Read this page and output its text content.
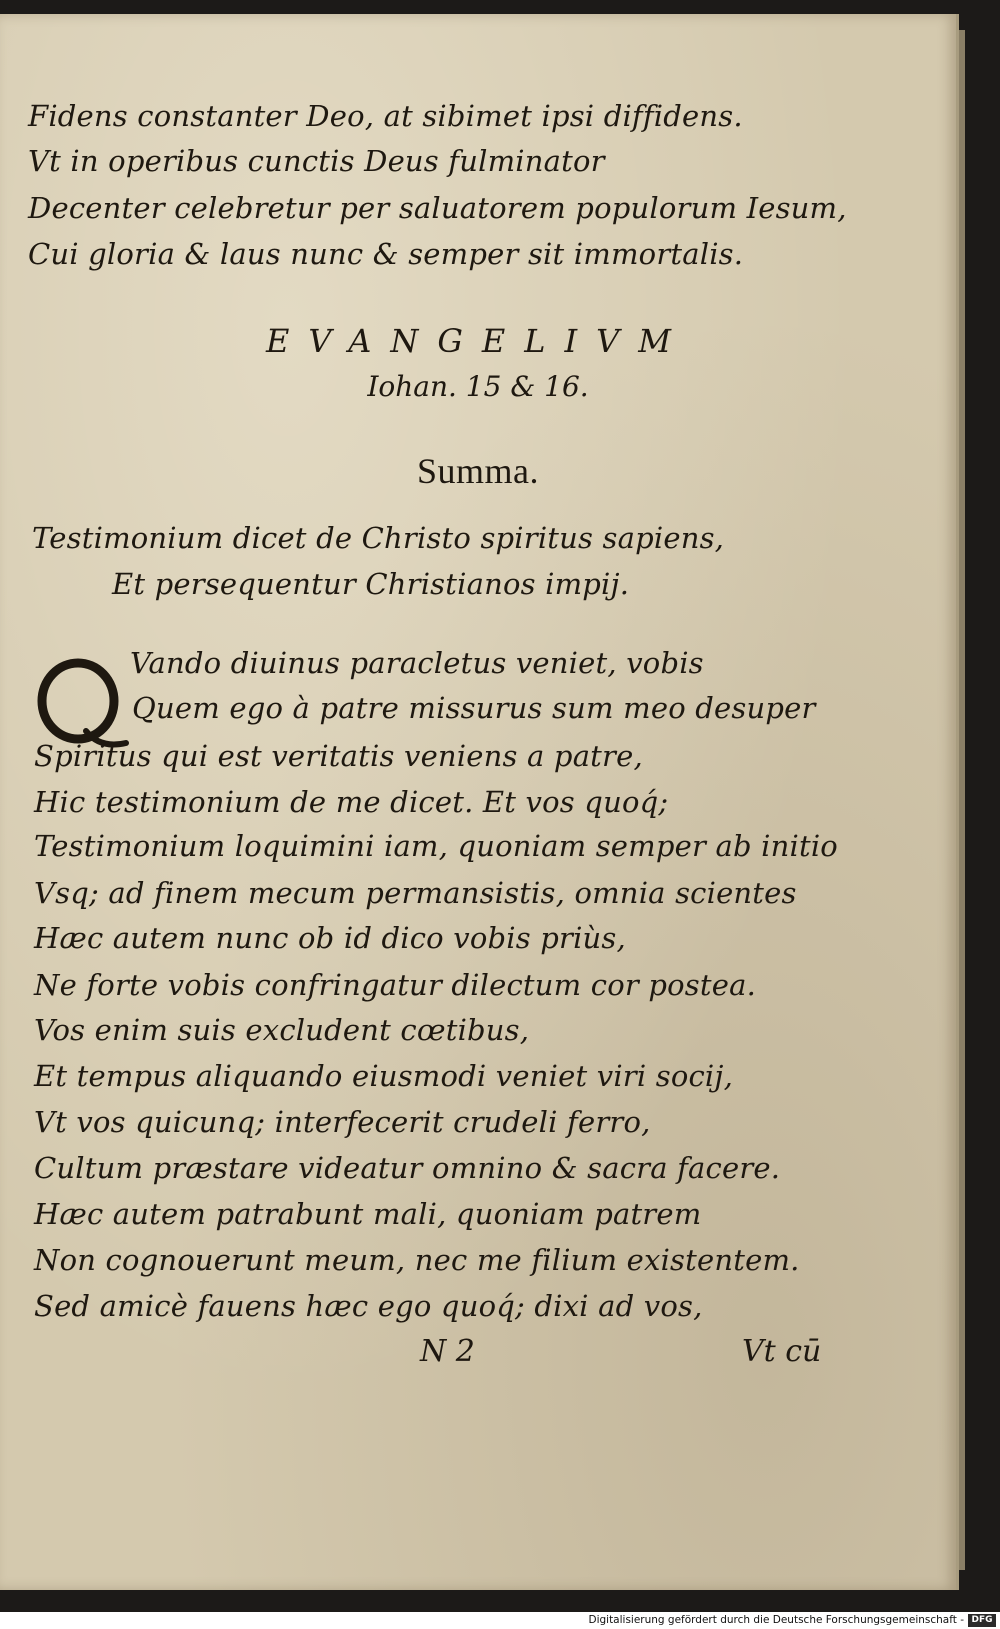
Fidens constanter Deo, at sibimet ipsi diffidens.
Vt in operibus cunctis Deus fulminator
Decenter celebretur per saluatorem populorum Iesum,
Cui gloria & laus nunc & semper sit immortalis.
EVANGELIVM
Iohan. 15 & 16.
Summa.
Testimonium dicet de Christo spiritus sapiens,
Et persequentur Christianos impij.
Vando diuinus paracletus veniet, vobis
Quem ego à patre missurus sum meo desuper
Spiritus qui est veritatis veniens a patre,
Hic testimonium de me dicet. Et vos quoq́;
Testimonium loquimini iam, quoniam semper ab initio
Vsq; ad finem mecum permansistis, omnia scientes
Hæc autem nunc ob id dico vobis priùs,
Ne forte vobis confringatur dilectum cor postea.
Vos enim suis excludent cœtibus,
Et tempus aliquando eiusmodi veniet viri socij,
Vt vos quicunq; interfecerit crudeli ferro,
Cultum præstare videatur omnino & sacra facere.
Hæc autem patrabunt mali, quoniam patrem
Non cognouerunt meum, nec me filium existentem.
Sed amicè fauens hæc ego quoq́; dixi ad vos,
N 2	Vt cū
Digitalisierung gefördert durch die Deutsche Forschungsgemeinschaft - DFG
